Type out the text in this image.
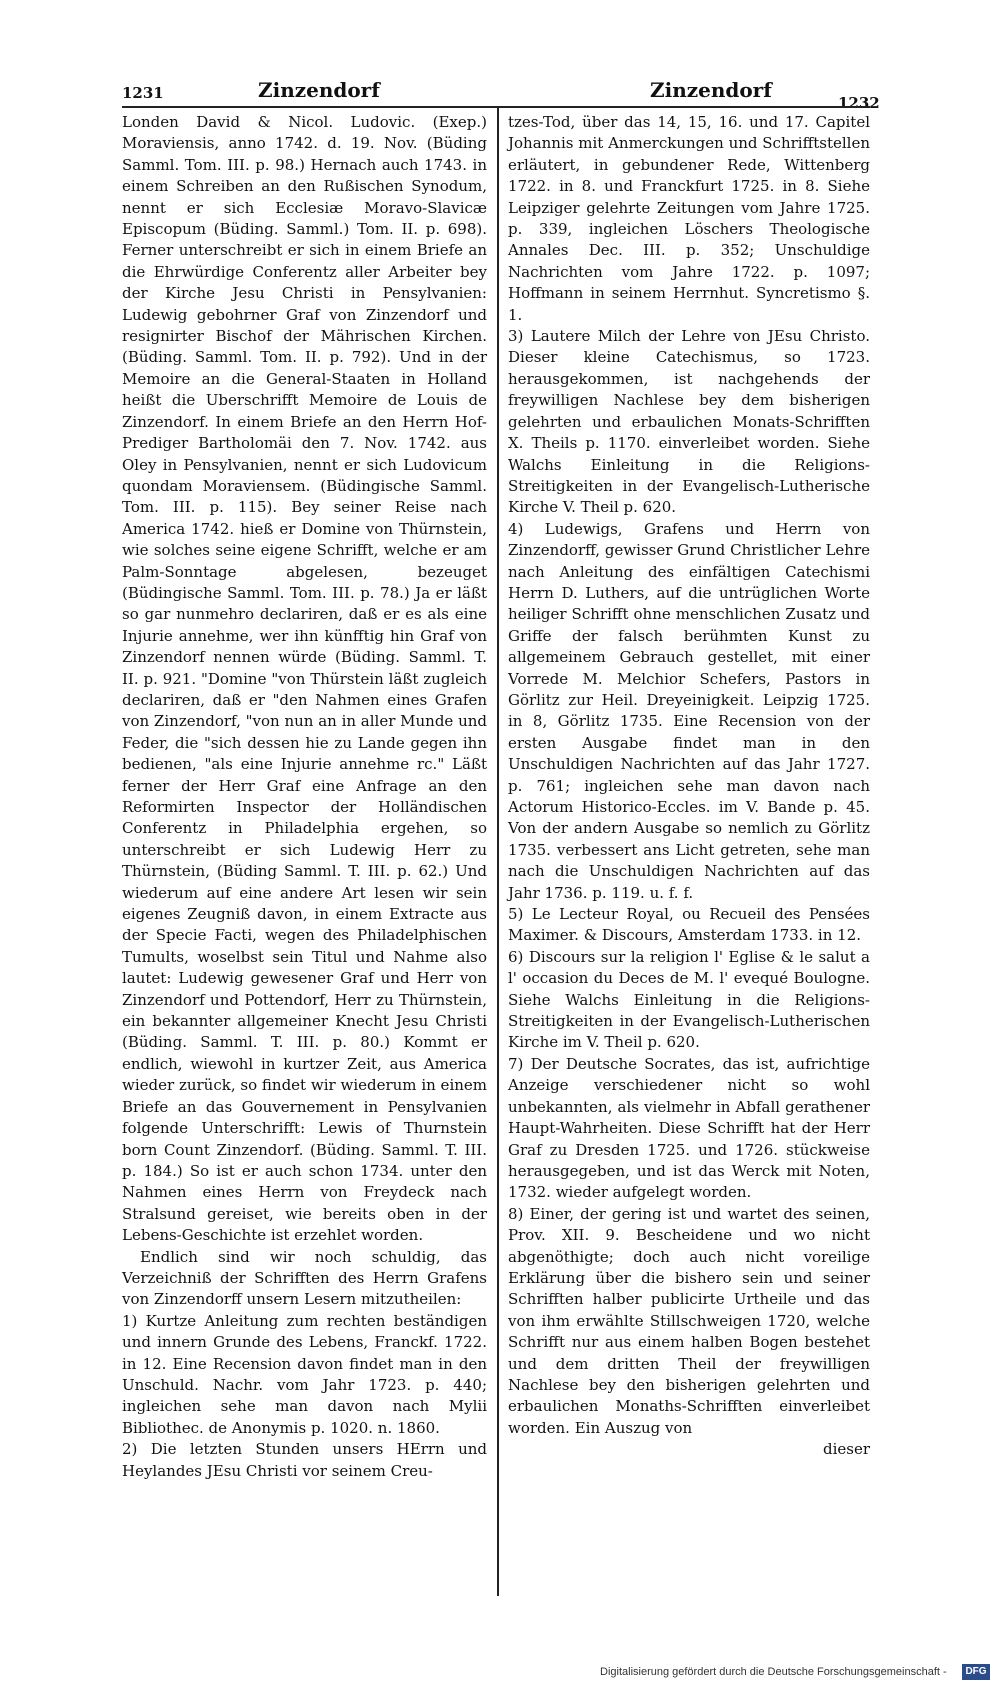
1231	Zinzendorf	Zinzendorf
1232

Londen David & Nicol. Ludovic. (Exep.) Moraviensis, anno 1742. d. 19. Nov. (Büding Samml. Tom. III. p. 98.) Hernach auch 1743. in einem Schreiben an den Rußischen Synodum, nennt er sich Ecclesiæ Moravo-Slavicæ Episcopum (Büding. Samml.) Tom. II. p. 698). Ferner unterschreibt er sich in einem Briefe an die Ehrwürdige Conferentz aller Arbeiter bey der Kirche Jesu Christi in Pensylvanien: Ludewig gebohrner Graf von Zinzendorf und resignirter Bischof der Mährischen Kirchen. (Büding. Samml. Tom. II. p. 792). Und in der Memoire an die General-Staaten in Holland heißt die Uberschrifft Memoire de Louis de Zinzendorf. In einem Briefe an den Herrn Hof-Prediger Bartholomäi den 7. Nov. 1742. aus Oley in Pensylvanien, nennt er sich Ludovicum quondam Moraviensem. (Büdingische Samml. Tom. III. p. 115). Bey seiner Reise nach America 1742. hieß er Domine von Thürnstein, wie solches seine eigene Schrifft, welche er am Palm-Sonntage abgelesen, bezeuget (Büdingische Samml. Tom. III. p. 78.) Ja er läßt so gar nunmehro declariren, daß er es als eine Injurie annehme, wer ihn künfftig hin Graf von Zinzendorf nennen würde (Büding. Samml. T. II. p. 921. "Domine "von Thürstein läßt zugleich declariren, daß er "den Nahmen eines Grafen von Zinzendorf, "von nun an in aller Munde und Feder, die "sich dessen hie zu Lande gegen ihn bedienen, "als eine Injurie annehme rc." Läßt ferner der Herr Graf eine Anfrage an den Reformirten Inspector der Holländischen Conferentz in Philadelphia ergehen, so unterschreibt er sich Ludewig Herr zu Thürnstein, (Büding Samml. T. III. p. 62.) Und wiederum auf eine andere Art lesen wir sein eigenes Zeugniß davon, in einem Extracte aus der Specie Facti, wegen des Philadelphischen Tumults, woselbst sein Titul und Nahme also lautet: Ludewig gewesener Graf und Herr von Zinzendorf und Pottendorf, Herr zu Thürnstein, ein bekannter allgemeiner Knecht Jesu Christi (Büding. Samml. T. III. p. 80.) Kommt er endlich, wiewohl in kurtzer Zeit, aus America wieder zurück, so findet wir wiederum in einem Briefe an das Gouvernement in Pensylvanien folgende Unterschrifft: Lewis of Thurnstein born Count Zinzendorf. (Büding. Samml. T. III. p. 184.) So ist er auch schon 1734. unter den Nahmen eines Herrn von Freydeck nach Stralsund gereiset, wie bereits oben in der Lebens-Geschichte ist erzehlet worden.

Endlich sind wir noch schuldig, das Verzeichniß der Schrifften des Herrn Grafens von Zinzendorff unsern Lesern mitzutheilen:

1) Kurtze Anleitung zum rechten beständigen und innern Grunde des Lebens, Franckf. 1722. in 12. Eine Recension davon findet man in den Unschuld. Nachr. vom Jahr 1723. p. 440; ingleichen sehe man davon nach Mylii Bibliothec. de Anonymis p. 1020. n. 1860.

2) Die letzten Stunden unsers HErrn und Heylandes JEsu Christi vor seinem Creu-

tzes-Tod, über das 14, 15, 16. und 17. Capitel Johannis mit Anmerckungen und Schrifftstellen erläutert, in gebundener Rede, Wittenberg 1722. in 8. und Franckfurt 1725. in 8. Siehe Leipziger gelehrte Zeitungen vom Jahre 1725. p. 339, ingleichen Löschers Theologische Annales Dec. III. p. 352; Unschuldige Nachrichten vom Jahre 1722. p. 1097; Hoffmann in seinem Herrnhut. Syncretismo §. 1.

3) Lautere Milch der Lehre von JEsu Christo. Dieser kleine Catechismus, so 1723. herausgekommen, ist nachgehends der freywilligen Nachlese bey dem bisherigen gelehrten und erbaulichen Monats-Schrifften X. Theils p. 1170. einverleibet worden. Siehe Walchs Einleitung in die Religions-Streitigkeiten in der Evangelisch-Lutherische Kirche V. Theil p. 620.

4) Ludewigs, Grafens und Herrn von Zinzendorff, gewisser Grund Christlicher Lehre nach Anleitung des einfältigen Catechismi Herrn D. Luthers, auf die untrüglichen Worte heiliger Schrifft ohne menschlichen Zusatz und Griffe der falsch berühmten Kunst zu allgemeinem Gebrauch gestellet, mit einer Vorrede M. Melchior Schefers, Pastors in Görlitz zur Heil. Dreyeinigkeit. Leipzig 1725. in 8, Görlitz 1735. Eine Recension von der ersten Ausgabe findet man in den Unschuldigen Nachrichten auf das Jahr 1727. p. 761; ingleichen sehe man davon nach Actorum Historico-Eccles. im V. Bande p. 45. Von der andern Ausgabe so nemlich zu Görlitz 1735. verbessert ans Licht getreten, sehe man nach die Unschuldigen Nachrichten auf das Jahr 1736. p. 119. u. f. f.

5) Le Lecteur Royal, ou Recueil des Pensées Maximer. & Discours, Amsterdam 1733. in 12.

6) Discours sur la religion l' Eglise & le salut a l' occasion du Deces de M. l' evequé Boulogne. Siehe Walchs Einleitung in die Religions-Streitigkeiten in der Evangelisch-Lutherischen Kirche im V. Theil p. 620.

7) Der Deutsche Socrates, das ist, aufrichtige Anzeige verschiedener nicht so wohl unbekannten, als vielmehr in Abfall gerathener Haupt-Wahrheiten. Diese Schrifft hat der Herr Graf zu Dresden 1725. und 1726. stückweise herausgegeben, und ist das Werck mit Noten, 1732. wieder aufgelegt worden.

8) Einer, der gering ist und wartet des seinen, Prov. XII. 9. Bescheidene und wo nicht abgenöthigte; doch auch nicht voreilige Erklärung über die bishero sein und seiner Schrifften halber publicirte Urtheile und das von ihm erwählte Stillschweigen 1720, welche Schrifft nur aus einem halben Bogen bestehet und dem dritten Theil der freywilligen Nachlese bey den bisherigen gelehrten und erbaulichen Monaths-Schrifften einverleibet worden. Ein Auszug von

dieser

Digitalisierung gefördert durch die Deutsche Forschungsgemeinschaft -	DFG
